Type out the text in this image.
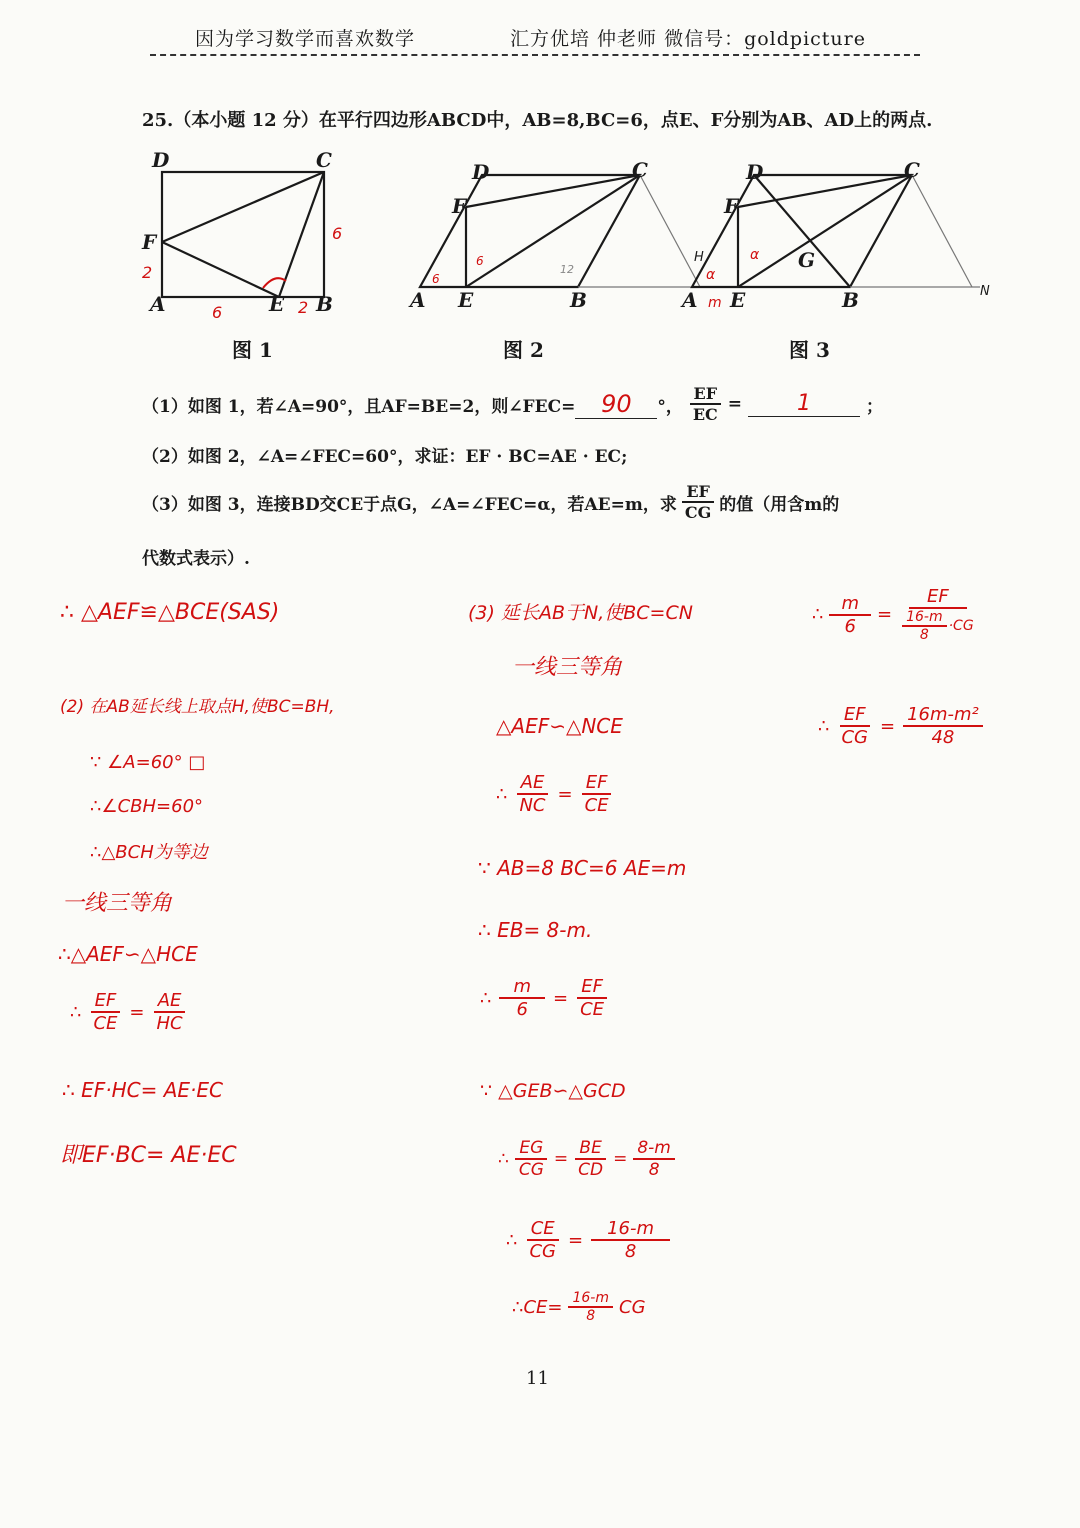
因为学习数学而喜欢数学	汇方优培 仲老师 微信号：goldpicture
25.（本小题 12 分）在平行四边形ABCD中，AB=8,BC=6，点E、F分别为AB、AD上的两点.
D	C
F
A	E B
6
2
6	2
图 1
D	C
F
A E	B
6
6
12
图 2
D	C
F
G
A E	B
H
N
α
α
m
图 3
（1）如图 1，若∠A=90°，且AF=BE=2，则∠FEC=	90	°， $\frac{EF}{EC}$ =	1	；
（2）如图 2，∠A=∠FEC=60°，求证：EF · BC=AE · EC;
（3）如图 3，连接BD交CE于点G，∠A=∠FEC=α，若AE=m，求 $\frac{EF}{CG}$ 的值（用含m的
代数式表示）.
∴ △AEF≌△BCE(SAS)
(2) 在AB延长线上取点H,使BC=BH,
∵ ∠A=60° □
∴∠CBH=60°
∴△BCH为等边
一线三等角
∴△AEF∽△HCE
∴ $\frac{EF}{CE} = \frac{AE}{HC}$
∴ EF·HC= AE·EC
即EF·BC= AE·EC
(3) 延长AB于N,使BC=CN
一线三等角
△AEF∽△NCE
∴ $\frac{AE}{NC} = \frac{EF}{CE}$
∵ AB=8 BC=6 AE=m
∴ EB= 8-m.
∴ $\frac{m}{6} = \frac{EF}{CE}$
∵ △GEB∽△GCD
∴ $\frac{EG}{CG} = \frac{BE}{CD} = \frac{8-m}{8}$
∴ $\frac{CE}{CG} = \frac{16-m}{8}$
∴CE= $\frac{16-m}{8}$ CG
∴ $\frac{m}{6} = \frac{EF}{\frac{16-m}{8} \cdot CG}$
∴ $\frac{EF}{CG} = \frac{\text{16m-m²}}{48}$
11
